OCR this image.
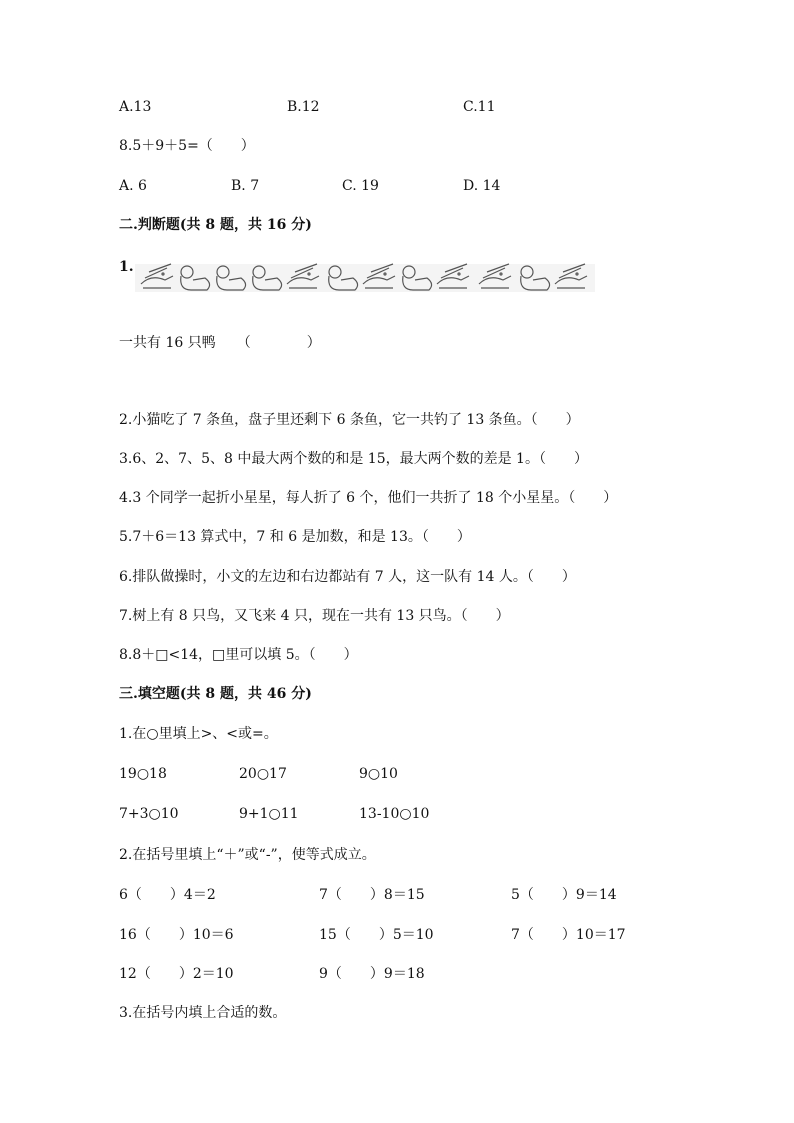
A.13	B.12	C.11
8.5＋9＋5=（　　）
A. 6	B. 7	C. 19	D. 14
二.判断题(共 8 题，共 16 分)
1.
一共有 16 只鸭　　（　　　　）
2.小猫吃了 7 条鱼，盘子里还剩下 6 条鱼，它一共钓了 13 条鱼。（　　）
3.6、2、7、5、8 中最大两个数的和是 15，最大两个数的差是 1。（　　）
4.3 个同学一起折小星星，每人折了 6 个，他们一共折了 18 个小星星。（　　）
5.7＋6＝13 算式中，7 和 6 是加数，和是 13。（　　）
6.排队做操时，小文的左边和右边都站有 7 人，这一队有 14 人。（　　）
7.树上有 8 只鸟，又飞来 4 只，现在一共有 13 只鸟。（　　）
8.8＋□<14，□里可以填 5。（　　）
三.填空题(共 8 题，共 46 分)
1.在○里填上>、<或=。
19○18	20○17	9○10
7+3○10	9+1○11	13-10○10
2.在括号里填上“＋”或“-”，使等式成立。
6（　　）4＝2	7（　　）8＝15	5（　　）9＝14
16（　　）10＝6	15（　　）5＝10	7（　　）10＝17
12（　　）2＝10	9（　　）9＝18
3.在括号内填上合适的数。
